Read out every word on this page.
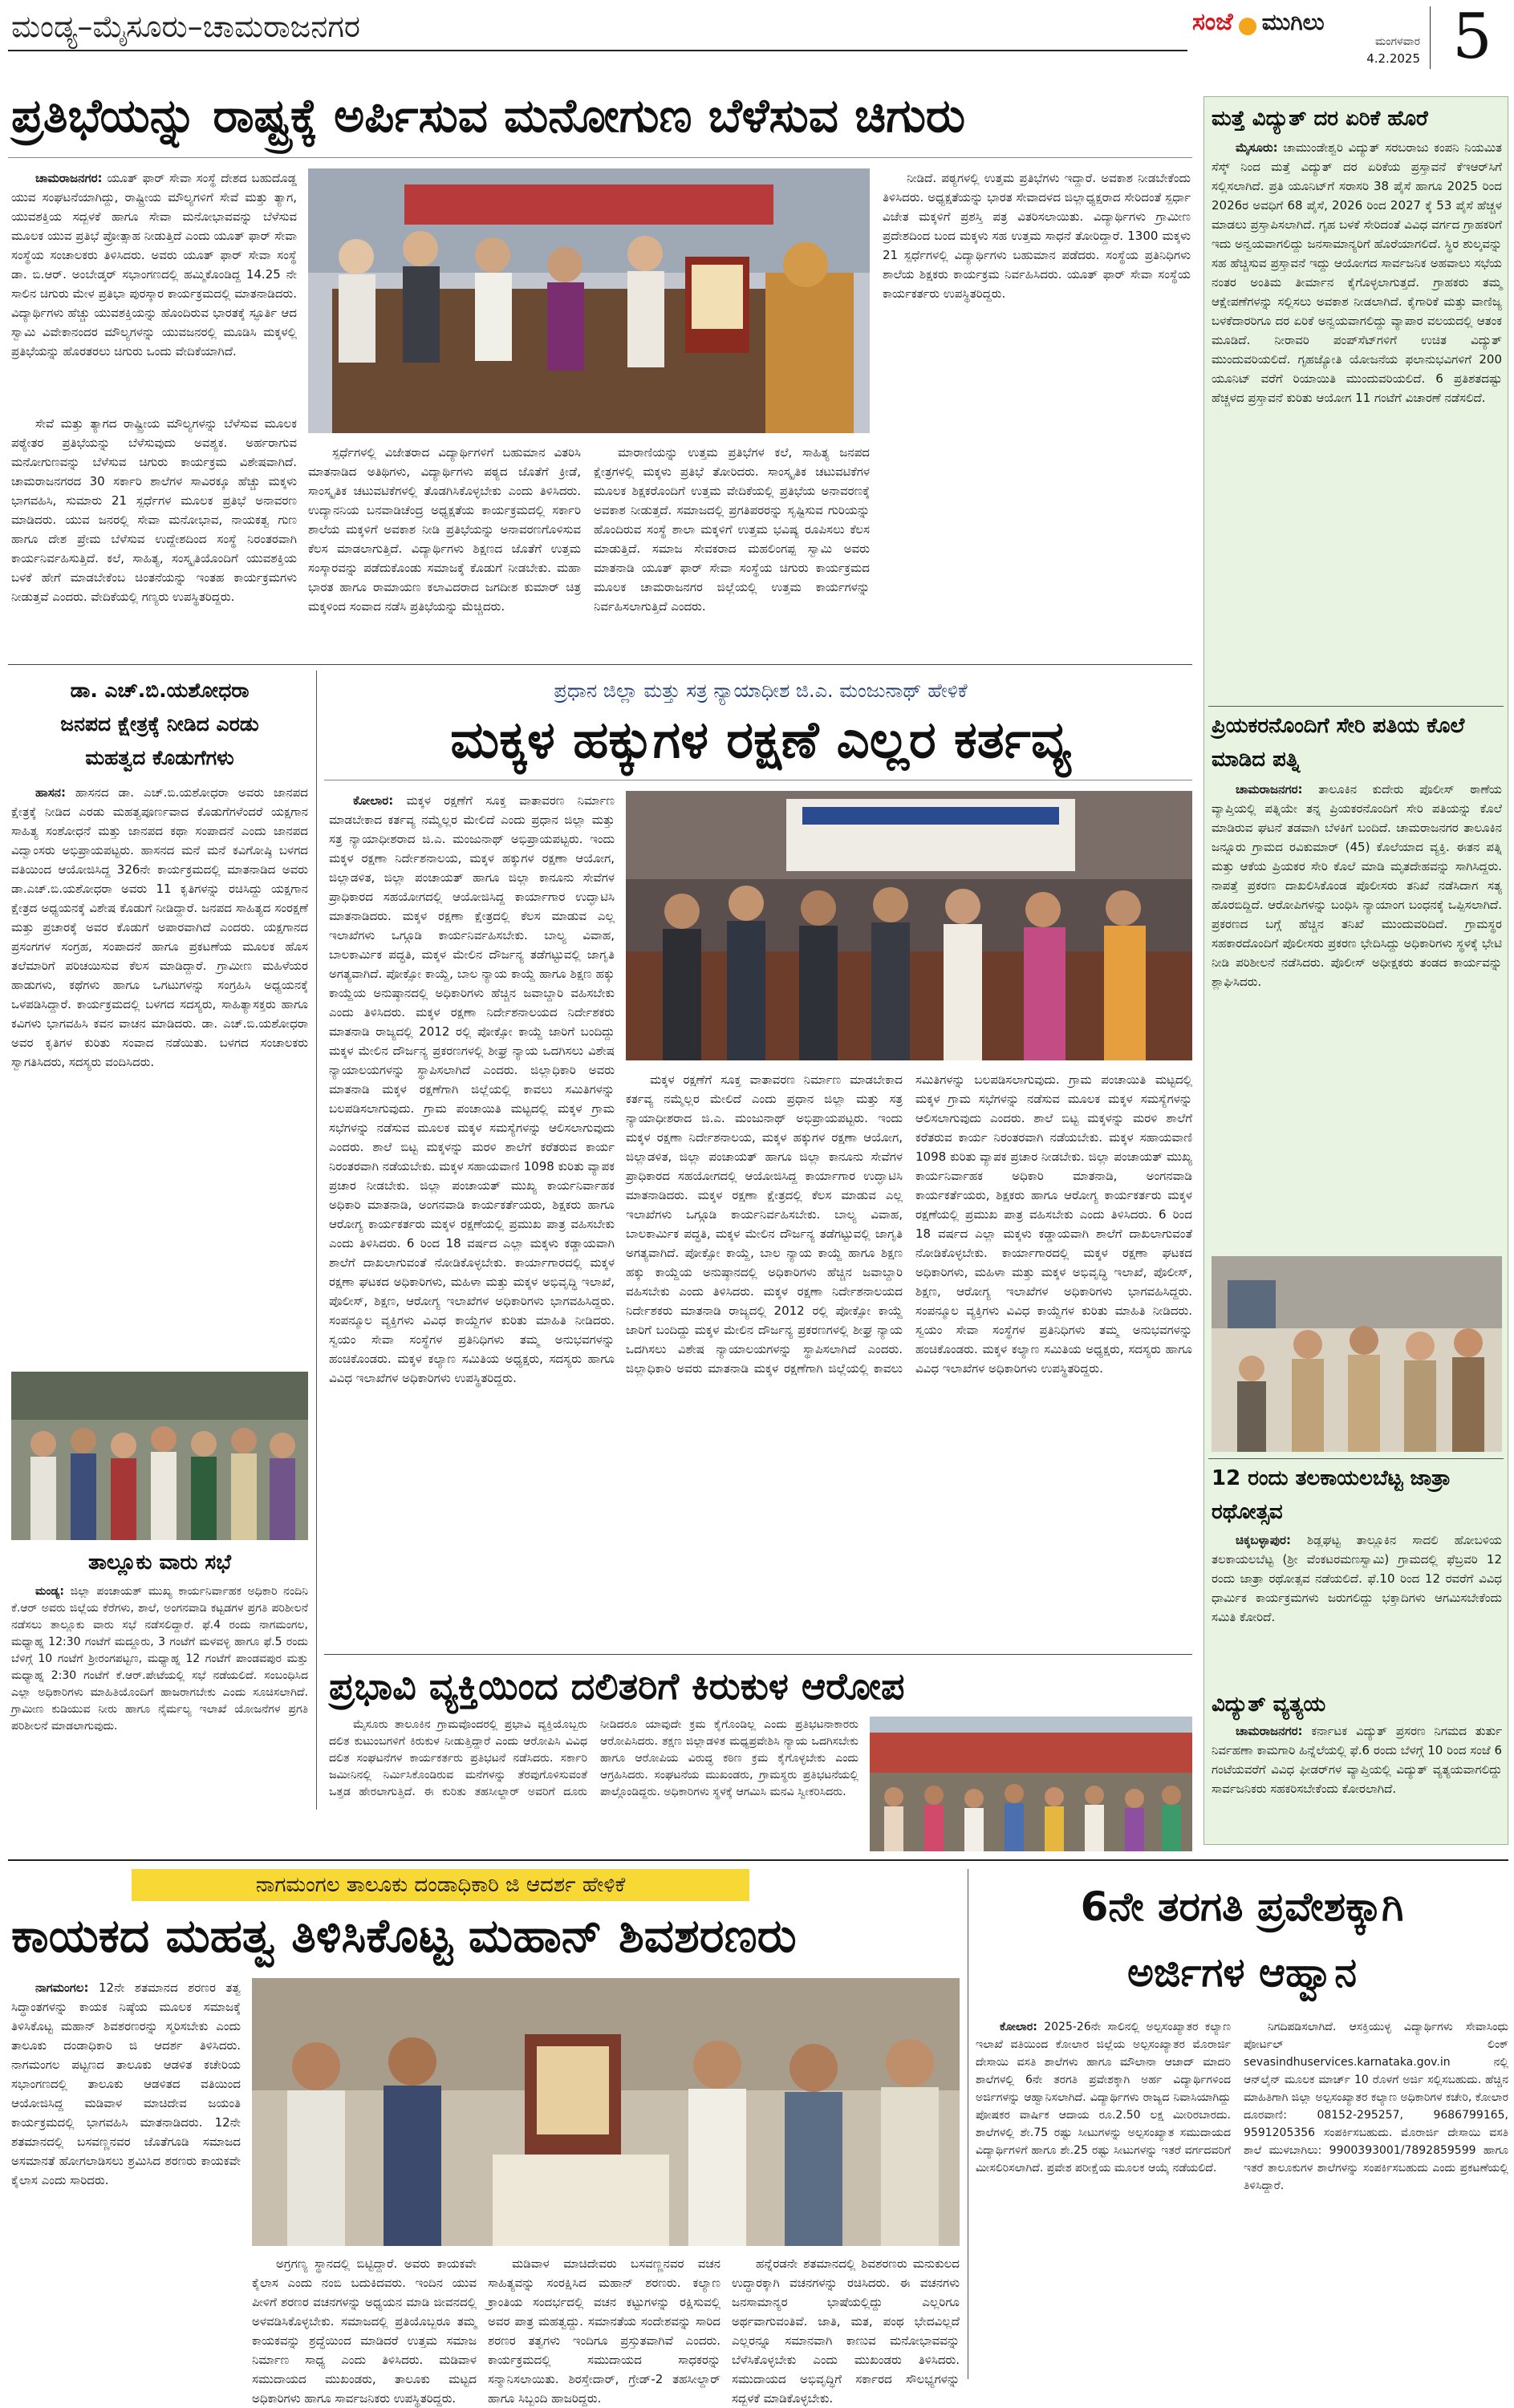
ಮಂಡ್ಯ–ಮೈಸೂರು–ಚಾಮರಾಜನಗರ	ಸಂಜೆ ಮುಗಿಲು
ಮಂಗಳವಾರ
4.2.2025 5
ಪ್ರತಿಭೆಯನ್ನು ರಾಷ್ಟ್ರಕ್ಕೆ ಅರ್ಪಿಸುವ ಮನೋಗುಣ ಬೆಳೆಸುವ ಚಿಗುರು

ಚಾಮರಾಜನಗರ: ಯೂತ್ ಫಾರ್ ಸೇವಾ ಸಂಸ್ಥೆ ದೇಶದ ಬಹುದೊಡ್ಡ ಯುವ ಸಂಘಟನೆಯಾಗಿದ್ದು, ರಾಷ್ಟ್ರೀಯ ಮೌಲ್ಯಗಳಿಗೆ ಸೇವೆ ಮತ್ತು ತ್ಯಾಗ, ಯುವಶಕ್ತಿಯ ಸದ್ಬಳಕೆ ಹಾಗೂ ಸೇವಾ ಮನೋಭಾವವನ್ನು ಬೆಳೆಸುವ ಮೂಲಕ ಯುವ ಪ್ರತಿಭೆ ಪ್ರೋತ್ಸಾಹ ನೀಡುತ್ತಿದೆ ಎಂದು ಯೂತ್ ಫಾರ್ ಸೇವಾ ಸಂಸ್ಥೆಯ ಸಂಚಾಲಕರು ತಿಳಿಸಿದರು. ಅವರು ಯೂತ್ ಫಾರ್ ಸೇವಾ ಸಂಸ್ಥೆ ಡಾ. ಬಿ.ಆರ್. ಅಂಬೇಡ್ಕರ್ ಸಭಾಂಗಣದಲ್ಲಿ ಹಮ್ಮಿಕೊಂಡಿದ್ದ 14.25 ನೇ ಸಾಲಿನ ಚಿಗುರು ಮೇಳ ಪ್ರತಿಭಾ ಪುರಸ್ಕಾರ ಕಾರ್ಯಕ್ರಮದಲ್ಲಿ ಮಾತನಾಡಿದರು. ವಿದ್ಯಾರ್ಥಿಗಳು ಹೆಚ್ಚು ಯುವಶಕ್ತಿಯನ್ನು ಹೊಂದಿರುವ ಭಾರತಕ್ಕೆ ಸ್ಫೂರ್ತಿ ಆದ ಸ್ವಾಮಿ ವಿವೇಕಾನಂದರ ಮೌಲ್ಯಗಳನ್ನು ಯುವಜನರಲ್ಲಿ ಮೂಡಿಸಿ ಮಕ್ಕಳಲ್ಲಿ ಪ್ರತಿಭೆಯನ್ನು ಹೊರತರಲು ಚಿಗುರು ಒಂದು ವೇದಿಕೆಯಾಗಿದೆ.

ಸ್ಪರ್ಧೆಗಳಲ್ಲಿ ವಿಜೇತರಾದ ವಿದ್ಯಾರ್ಥಿಗಳಿಗೆ ಬಹುಮಾನ ವಿತರಿಸಿ ಮಾತನಾಡಿದ ಅತಿಥಿಗಳು, ವಿದ್ಯಾರ್ಥಿಗಳು ಪಠ್ಯದ ಜೊತೆಗೆ ಕ್ರೀಡೆ, ಸಾಂಸ್ಕೃತಿಕ ಚಟುವಟಿಕೆಗಳಲ್ಲಿ ತೊಡಗಿಸಿಕೊಳ್ಳಬೇಕು ಎಂದು ತಿಳಿಸಿದರು. ಉದ್ಯಾನನಿಯ ಬನವಾಡಿಚೆಂದ್ರ ಅಧ್ಯಕ್ಷತೆಯ ಕಾರ್ಯಕ್ರಮದಲ್ಲಿ ಸರ್ಕಾರಿ ಶಾಲೆಯ ಮಕ್ಕಳಿಗೆ ಅವಕಾಶ ನೀಡಿ ಪ್ರತಿಭೆಯನ್ನು ಅನಾವರಣಗೊಳಿಸುವ ಕೆಲಸ ಮಾಡಲಾಗುತ್ತಿದೆ. ವಿದ್ಯಾರ್ಥಿಗಳು ಶಿಕ್ಷಣದ ಜೊತೆಗೆ ಉತ್ತಮ ಸಂಸ್ಕಾರವನ್ನು ಪಡೆದುಕೊಂಡು ಸಮಾಜಕ್ಕೆ ಕೊಡುಗೆ ನೀಡಬೇಕು. ಮಹಾ ಭಾರತ ಹಾಗೂ ರಾಮಾಯಣ ಕಲಾವಿದರಾದ ಜಗದೀಶ ಕುಮಾರ್ ಚಿತ್ರ ಮಕ್ಕಳಿಂದ ಸಂವಾದ ನಡೆಸಿ ಪ್ರತಿಭೆಯನ್ನು ಮೆಚ್ಚಿದರು.

ಮಾರಾಣಿಯನ್ನು ಉತ್ತಮ ಪ್ರತಿಭೆಗಳ ಕಲೆ, ಸಾಹಿತ್ಯ ಜನಪದ ಕ್ಷೇತ್ರಗಳಲ್ಲಿ ಮಕ್ಕಳು ಪ್ರತಿಭೆ ತೋರಿದರು. ಸಾಂಸ್ಕೃತಿಕ ಚಟುವಟಿಕೆಗಳ ಮೂಲಕ ಶಿಕ್ಷಕರೊಂದಿಗೆ ಉತ್ತಮ ವೇದಿಕೆಯಲ್ಲಿ ಪ್ರತಿಭೆಯ ಅನಾವರಣಕ್ಕೆ ಅವಕಾಶ ನೀಡುತ್ತದೆ. ಸಮಾಜದಲ್ಲಿ ಪ್ರಗತಿಪರರನ್ನು ಸೃಷ್ಟಿಸುವ ಗುರಿಯನ್ನು ಹೊಂದಿರುವ ಸಂಸ್ಥೆ ಶಾಲಾ ಮಕ್ಕಳಿಗೆ ಉತ್ತಮ ಭವಿಷ್ಯ ರೂಪಿಸಲು ಕೆಲಸ ಮಾಡುತ್ತಿದೆ. ಸಮಾಜ ಸೇವಕರಾದ ಮಹಲಿಂಗಪ್ಪ ಸ್ವಾಮಿ ಅವರು ಮಾತನಾಡಿ ಯೂತ್ ಫಾರ್ ಸೇವಾ ಸಂಸ್ಥೆಯ ಚಿಗುರು ಕಾರ್ಯಕ್ರಮದ ಮೂಲಕ ಚಾಮರಾಜನಗರ ಜಿಲ್ಲೆಯಲ್ಲಿ ಉತ್ತಮ ಕಾರ್ಯಗಳನ್ನು ನಿರ್ವಹಿಸಲಾಗುತ್ತಿದೆ ಎಂದರು.

ನೀಡಿದೆ. ಪಠ್ಯಗಳಲ್ಲಿ ಉತ್ತಮ ಪ್ರತಿಭೆಗಳು ಇದ್ದಾರೆ. ಅವಕಾಶ ನೀಡಬೇಕೆಂದು ತಿಳಿಸಿದರು. ಅಧ್ಯಕ್ಷತೆಯನ್ನು ಭಾರತ ಸೇವಾದಳದ ಜಿಲ್ಲಾಧ್ಯಕ್ಷರಾದ ಸೇರಿದಂತೆ ಸ್ಪರ್ಧಾ ವಿಜೇತ ಮಕ್ಕಳಿಗೆ ಪ್ರಶಸ್ತಿ ಪತ್ರ ವಿತರಿಸಲಾಯಿತು. ವಿದ್ಯಾರ್ಥಿಗಳು ಗ್ರಾಮೀಣ ಪ್ರದೇಶದಿಂದ ಬಂದ ಮಕ್ಕಳು ಸಹ ಉತ್ತಮ ಸಾಧನೆ ತೋರಿದ್ದಾರೆ. 1300 ಮಕ್ಕಳು 21 ಸ್ಪರ್ಧೆಗಳಲ್ಲಿ ವಿದ್ಯಾರ್ಥಿಗಳು ಬಹುಮಾನ ಪಡೆದರು. ಸಂಸ್ಥೆಯ ಪ್ರತಿನಿಧಿಗಳು ಶಾಲೆಯ ಶಿಕ್ಷಕರು ಕಾರ್ಯಕ್ರಮ ನಿರ್ವಹಿಸಿದರು. ಯೂತ್ ಫಾರ್ ಸೇವಾ ಸಂಸ್ಥೆಯ ಕಾರ್ಯಕರ್ತರು ಉಪಸ್ಥಿತರಿದ್ದರು.

ಮತ್ತೆ ವಿದ್ಯುತ್ ದರ ಏರಿಕೆ ಹೊರೆ

ಮೈಸೂರು: ಚಾಮುಂಡೇಶ್ವರಿ ವಿದ್ಯುತ್ ಸರಬರಾಜು ಕಂಪನಿ ನಿಯಮಿತ ಸೆಸ್ಕ್ ನಿಂದ ಮತ್ತೆ ವಿದ್ಯುತ್ ದರ ಏರಿಕೆಯ ಪ್ರಸ್ತಾವನೆ ಕೆಇಆರ್‌ಸಿಗೆ ಸಲ್ಲಿಸಲಾಗಿದೆ. ಪ್ರತಿ ಯೂನಿಟ್‌ಗೆ ಸರಾಸರಿ 38 ಪೈಸೆ ಹಾಗೂ 2025 ರಿಂದ 2026ರ ಅವಧಿಗೆ 68 ಪೈಸೆ, 2026 ರಿಂದ 2027 ಕ್ಕೆ 53 ಪೈಸೆ ಹೆಚ್ಚಳ ಮಾಡಲು ಪ್ರಸ್ತಾಪಿಸಲಾಗಿದೆ. ಗೃಹ ಬಳಕೆ ಸೇರಿದಂತೆ ವಿವಿಧ ವರ್ಗದ ಗ್ರಾಹಕರಿಗೆ ಇದು ಅನ್ವಯವಾಗಲಿದ್ದು ಜನಸಾಮಾನ್ಯರಿಗೆ ಹೊರೆಯಾಗಲಿದೆ. ಸ್ಥಿರ ಶುಲ್ಕವನ್ನು ಸಹ ಹೆಚ್ಚಿಸುವ ಪ್ರಸ್ತಾವನೆ ಇದ್ದು ಆಯೋಗದ ಸಾರ್ವಜನಿಕ ಅಹವಾಲು ಸಭೆಯ ನಂತರ ಅಂತಿಮ ತೀರ್ಮಾನ ಕೈಗೊಳ್ಳಲಾಗುತ್ತದೆ. ಗ್ರಾಹಕರು ತಮ್ಮ ಆಕ್ಷೇಪಣೆಗಳನ್ನು ಸಲ್ಲಿಸಲು ಅವಕಾಶ ನೀಡಲಾಗಿದೆ. ಕೈಗಾರಿಕೆ ಮತ್ತು ವಾಣಿಜ್ಯ ಬಳಕೆದಾರರಿಗೂ ದರ ಏರಿಕೆ ಅನ್ವಯವಾಗಲಿದ್ದು ವ್ಯಾಪಾರ ವಲಯದಲ್ಲಿ ಆತಂಕ ಮೂಡಿದೆ. ನೀರಾವರಿ ಪಂಪ್‌ಸೆಟ್‌ಗಳಿಗೆ ಉಚಿತ ವಿದ್ಯುತ್ ಮುಂದುವರಿಯಲಿದೆ. ಗೃಹಜ್ಯೋತಿ ಯೋಜನೆಯ ಫಲಾನುಭವಿಗಳಿಗೆ 200 ಯೂನಿಟ್ ವರೆಗೆ ರಿಯಾಯಿತಿ ಮುಂದುವರಿಯಲಿದೆ. 6 ಪ್ರತಿಶತದಷ್ಟು ಹೆಚ್ಚಳದ ಪ್ರಸ್ತಾವನೆ ಕುರಿತು ಆಯೋಗ 11 ಗಂಟೆಗೆ ವಿಚಾರಣೆ ನಡೆಸಲಿದೆ.

ಪ್ರಿಯಕರನೊಂದಿಗೆ ಸೇರಿ ಪತಿಯ ಕೊಲೆ ಮಾಡಿದ ಪತ್ನಿ

ಚಾಮರಾಜನಗರ: ತಾಲೂಕಿನ ಕುದೇರು ಪೊಲೀಸ್ ಠಾಣೆಯ ವ್ಯಾಪ್ತಿಯಲ್ಲಿ ಪತ್ನಿಯೇ ತನ್ನ ಪ್ರಿಯಕರನೊಂದಿಗೆ ಸೇರಿ ಪತಿಯನ್ನು ಕೊಲೆ ಮಾಡಿರುವ ಘಟನೆ ತಡವಾಗಿ ಬೆಳಕಿಗೆ ಬಂದಿದೆ. ಚಾಮರಾಜನಗರ ತಾಲೂಕಿನ ಜನ್ನೂರು ಗ್ರಾಮದ ರವಿಕುಮಾರ್ (45) ಕೊಲೆಯಾದ ವ್ಯಕ್ತಿ. ಈತನ ಪತ್ನಿ ಮತ್ತು ಆಕೆಯ ಪ್ರಿಯಕರ ಸೇರಿ ಕೊಲೆ ಮಾಡಿ ಮೃತದೇಹವನ್ನು ಸಾಗಿಸಿದ್ದರು. ನಾಪತ್ತೆ ಪ್ರಕರಣ ದಾಖಲಿಸಿಕೊಂಡ ಪೊಲೀಸರು ತನಿಖೆ ನಡೆಸಿದಾಗ ಸತ್ಯ ಹೊರಬಿದ್ದಿದೆ. ಆರೋಪಿಗಳನ್ನು ಬಂಧಿಸಿ ನ್ಯಾಯಾಂಗ ಬಂಧನಕ್ಕೆ ಒಪ್ಪಿಸಲಾಗಿದೆ. ಪ್ರಕರಣದ ಬಗ್ಗೆ ಹೆಚ್ಚಿನ ತನಿಖೆ ಮುಂದುವರಿದಿದೆ. ಗ್ರಾಮಸ್ಥರ ಸಹಕಾರದೊಂದಿಗೆ ಪೊಲೀಸರು ಪ್ರಕರಣ ಭೇದಿಸಿದ್ದು ಅಧಿಕಾರಿಗಳು ಸ್ಥಳಕ್ಕೆ ಭೇಟಿ ನೀಡಿ ಪರಿಶೀಲನೆ ನಡೆಸಿದರು. ಪೊಲೀಸ್ ಅಧೀಕ್ಷಕರು ತಂಡದ ಕಾರ್ಯವನ್ನು ಶ್ಲಾಘಿಸಿದರು.

12 ರಂದು ತಲಕಾಯಲಬೆಟ್ಟ ಜಾತ್ರಾ ರಥೋತ್ಸವ

ಚಿಕ್ಕಬಳ್ಳಾಪುರ: ಶಿಡ್ಲಘಟ್ಟ ತಾಲ್ಲೂಕಿನ ಸಾದಲಿ ಹೋಬಳಿಯ ತಲಕಾಯಲಬೆಟ್ಟ (ಶ್ರೀ ವೆಂಕಟರಮಣಸ್ವಾಮಿ) ಗ್ರಾಮದಲ್ಲಿ ಫೆಬ್ರವರಿ 12 ರಂದು ಜಾತ್ರಾ ರಥೋತ್ಸವ ನಡೆಯಲಿದೆ. ಫೆ.10 ರಿಂದ 12 ರವರೆಗೆ ವಿವಿಧ ಧಾರ್ಮಿಕ ಕಾರ್ಯಕ್ರಮಗಳು ಜರುಗಲಿದ್ದು ಭಕ್ತಾದಿಗಳು ಆಗಮಿಸಬೇಕೆಂದು ಸಮಿತಿ ಕೋರಿದೆ.

ವಿದ್ಯುತ್ ವ್ಯತ್ಯಯ

ಚಾಮರಾಜನಗರ: ಕರ್ನಾಟಕ ವಿದ್ಯುತ್ ಪ್ರಸರಣ ನಿಗಮದ ತುರ್ತು ನಿರ್ವಹಣಾ ಕಾಮಗಾರಿ ಹಿನ್ನೆಲೆಯಲ್ಲಿ ಫೆ.6 ರಂದು ಬೆಳಗ್ಗೆ 10 ರಿಂದ ಸಂಜೆ 6 ಗಂಟೆಯವರೆಗೆ ವಿವಿಧ ಫೀಡರ್‌ಗಳ ವ್ಯಾಪ್ತಿಯಲ್ಲಿ ವಿದ್ಯುತ್ ವ್ಯತ್ಯಯವಾಗಲಿದ್ದು ಸಾರ್ವಜನಿಕರು ಸಹಕರಿಸಬೇಕೆಂದು ಕೋರಲಾಗಿದೆ.

ಡಾ. ಎಚ್.ಬಿ.ಯಶೋಧರಾ
ಜನಪದ ಕ್ಷೇತ್ರಕ್ಕೆ ನೀಡಿದ ಎರಡು
ಮಹತ್ವದ ಕೊಡುಗೆಗಳು

ಹಾಸನ: ಹಾಸನದ ಡಾ. ಎಚ್.ಬಿ.ಯಶೋಧರಾ ಅವರು ಜಾನಪದ ಕ್ಷೇತ್ರಕ್ಕೆ ನೀಡಿದ ಎರಡು ಮಹತ್ವಪೂರ್ಣವಾದ ಕೊಡುಗೆಗಳೆಂದರೆ ಯಕ್ಷಗಾನ ಸಾಹಿತ್ಯ ಸಂಶೋಧನೆ ಮತ್ತು ಜಾನಪದ ಕಥಾ ಸಂಪಾದನೆ ಎಂದು ಜಾನಪದ ವಿದ್ವಾಂಸರು ಅಭಿಪ್ರಾಯಪಟ್ಟರು. ಹಾಸನದ ಮನೆ ಮನೆ ಕವಿಗೋಷ್ಠಿ ಬಳಗದ ವತಿಯಿಂದ ಆಯೋಜಿಸಿದ್ದ 326ನೇ ಕಾರ್ಯಕ್ರಮದಲ್ಲಿ ಮಾತನಾಡಿದ ಅವರು ಡಾ.ಎಚ್.ಬಿ.ಯಶೋಧರಾ ಅವರು 11 ಕೃತಿಗಳನ್ನು ರಚಿಸಿದ್ದು ಯಕ್ಷಗಾನ ಕ್ಷೇತ್ರದ ಅಧ್ಯಯನಕ್ಕೆ ವಿಶೇಷ ಕೊಡುಗೆ ನೀಡಿದ್ದಾರೆ. ಜನಪದ ಸಾಹಿತ್ಯದ ಸಂರಕ್ಷಣೆ ಮತ್ತು ಪ್ರಚಾರಕ್ಕೆ ಅವರ ಕೊಡುಗೆ ಅಪಾರವಾಗಿದೆ ಎಂದರು. ಯಕ್ಷಗಾನದ ಪ್ರಸಂಗಗಳ ಸಂಗ್ರಹ, ಸಂಪಾದನೆ ಹಾಗೂ ಪ್ರಕಟಣೆಯ ಮೂಲಕ ಹೊಸ ತಲೆಮಾರಿಗೆ ಪರಿಚಯಿಸುವ ಕೆಲಸ ಮಾಡಿದ್ದಾರೆ. ಗ್ರಾಮೀಣ ಮಹಿಳೆಯರ ಹಾಡುಗಳು, ಕಥೆಗಳು ಹಾಗೂ ಒಗಟುಗಳನ್ನು ಸಂಗ್ರಹಿಸಿ ಅಧ್ಯಯನಕ್ಕೆ ಒಳಪಡಿಸಿದ್ದಾರೆ. ಕಾರ್ಯಕ್ರಮದಲ್ಲಿ ಬಳಗದ ಸದಸ್ಯರು, ಸಾಹಿತ್ಯಾಸಕ್ತರು ಹಾಗೂ ಕವಿಗಳು ಭಾಗವಹಿಸಿ ಕವನ ವಾಚನ ಮಾಡಿದರು. ಡಾ. ಎಚ್.ಬಿ.ಯಶೋಧರಾ ಅವರ ಕೃತಿಗಳ ಕುರಿತು ಸಂವಾದ ನಡೆಯಿತು. ಬಳಗದ ಸಂಚಾಲಕರು ಸ್ವಾಗತಿಸಿದರು, ಸದಸ್ಯರು ವಂದಿಸಿದರು.

ತಾಲ್ಲೂಕು ವಾರು ಸಭೆ
ಪ್ರಧಾನ ಜಿಲ್ಲಾ ಮತ್ತು ಸತ್ರ ನ್ಯಾಯಾಧೀಶ ಜಿ.ಎ. ಮಂಜುನಾಥ್ ಹೇಳಿಕೆ
ಮಕ್ಕಳ ಹಕ್ಕುಗಳ ರಕ್ಷಣೆ ಎಲ್ಲರ ಕರ್ತವ್ಯ

ಕೋಲಾರ: ಮಕ್ಕಳ ರಕ್ಷಣೆಗೆ ಸೂಕ್ತ ವಾತಾವರಣ ನಿರ್ಮಾಣ ಮಾಡಬೇಕಾದ ಕರ್ತವ್ಯ ನಮ್ಮೆಲ್ಲರ ಮೇಲಿದೆ ಎಂದು ಪ್ರಧಾನ ಜಿಲ್ಲಾ ಮತ್ತು ಸತ್ರ ನ್ಯಾಯಾಧೀಶರಾದ ಜಿ.ಎ. ಮಂಜುನಾಥ್ ಅಭಿಪ್ರಾಯಪಟ್ಟರು. ಇಂದು ಮಕ್ಕಳ ರಕ್ಷಣಾ ನಿರ್ದೇಶನಾಲಯ, ಮಕ್ಕಳ ಹಕ್ಕುಗಳ ರಕ್ಷಣಾ ಆಯೋಗ, ಜಿಲ್ಲಾಡಳಿತ, ಜಿಲ್ಲಾ ಪಂಚಾಯತ್ ಹಾಗೂ ಜಿಲ್ಲಾ ಕಾನೂನು ಸೇವೆಗಳ ಪ್ರಾಧಿಕಾರದ ಸಹಯೋಗದಲ್ಲಿ ಆಯೋಜಿಸಿದ್ದ ಕಾರ್ಯಾಗಾರ ಉದ್ಘಾಟಿಸಿ ಮಾತನಾಡಿದರು. ಮಕ್ಕಳ ರಕ್ಷಣಾ ಕ್ಷೇತ್ರದಲ್ಲಿ ಕೆಲಸ ಮಾಡುವ ಎಲ್ಲ ಇಲಾಖೆಗಳು ಒಗ್ಗೂಡಿ ಕಾರ್ಯನಿರ್ವಹಿಸಬೇಕು. ಬಾಲ್ಯ ವಿವಾಹ, ಬಾಲಕಾರ್ಮಿಕ ಪದ್ಧತಿ, ಮಕ್ಕಳ ಮೇಲಿನ ದೌರ್ಜನ್ಯ ತಡೆಗಟ್ಟುವಲ್ಲಿ ಜಾಗೃತಿ ಅಗತ್ಯವಾಗಿದೆ. ಪೋಕ್ಸೋ ಕಾಯ್ದೆ, ಬಾಲ ನ್ಯಾಯ ಕಾಯ್ದೆ ಹಾಗೂ ಶಿಕ್ಷಣ ಹಕ್ಕು ಕಾಯ್ದೆಯ ಅನುಷ್ಠಾನದಲ್ಲಿ ಅಧಿಕಾರಿಗಳು ಹೆಚ್ಚಿನ ಜವಾಬ್ದಾರಿ ವಹಿಸಬೇಕು ಎಂದು ತಿಳಿಸಿದರು. ಮಕ್ಕಳ ರಕ್ಷಣಾ ನಿರ್ದೇಶನಾಲಯದ ನಿರ್ದೇಶಕರು ಮಾತನಾಡಿ ರಾಜ್ಯದಲ್ಲಿ 2012 ರಲ್ಲಿ ಪೋಕ್ಸೋ ಕಾಯ್ದೆ ಜಾರಿಗೆ ಬಂದಿದ್ದು ಮಕ್ಕಳ ಮೇಲಿನ ದೌರ್ಜನ್ಯ ಪ್ರಕರಣಗಳಲ್ಲಿ ಶೀಘ್ರ ನ್ಯಾಯ ಒದಗಿಸಲು ವಿಶೇಷ ನ್ಯಾಯಾಲಯಗಳನ್ನು ಸ್ಥಾಪಿಸಲಾಗಿದೆ ಎಂದರು. ಜಿಲ್ಲಾಧಿಕಾರಿ ಅವರು ಮಾತನಾಡಿ ಮಕ್ಕಳ ರಕ್ಷಣೆಗಾಗಿ ಜಿಲ್ಲೆಯಲ್ಲಿ ಕಾವಲು ಸಮಿತಿಗಳನ್ನು ಬಲಪಡಿಸಲಾಗುವುದು. ಗ್ರಾಮ ಪಂಚಾಯಿತಿ ಮಟ್ಟದಲ್ಲಿ ಮಕ್ಕಳ ಗ್ರಾಮ ಸಭೆಗಳನ್ನು ನಡೆಸುವ ಮೂಲಕ ಮಕ್ಕಳ ಸಮಸ್ಯೆಗಳನ್ನು ಆಲಿಸಲಾಗುವುದು ಎಂದರು. ಶಾಲೆ ಬಿಟ್ಟ ಮಕ್ಕಳನ್ನು ಮರಳಿ ಶಾಲೆಗೆ ಕರೆತರುವ ಕಾರ್ಯ ನಿರಂತರವಾಗಿ ನಡೆಯಬೇಕು. ಮಕ್ಕಳ ಸಹಾಯವಾಣಿ 1098 ಕುರಿತು ವ್ಯಾಪಕ ಪ್ರಚಾರ ನೀಡಬೇಕು. ಜಿಲ್ಲಾ ಪಂಚಾಯತ್ ಮುಖ್ಯ ಕಾರ್ಯನಿರ್ವಾಹಕ ಅಧಿಕಾರಿ ಮಾತನಾಡಿ, ಅಂಗನವಾಡಿ ಕಾರ್ಯಕರ್ತೆಯರು, ಶಿಕ್ಷಕರು ಹಾಗೂ ಆರೋಗ್ಯ ಕಾರ್ಯಕರ್ತರು ಮಕ್ಕಳ ರಕ್ಷಣೆಯಲ್ಲಿ ಪ್ರಮುಖ ಪಾತ್ರ ವಹಿಸಬೇಕು ಎಂದು ತಿಳಿಸಿದರು. 6 ರಿಂದ 18 ವರ್ಷದ ಎಲ್ಲಾ ಮಕ್ಕಳು ಕಡ್ಡಾಯವಾಗಿ ಶಾಲೆಗೆ ದಾಖಲಾಗುವಂತೆ ನೋಡಿಕೊಳ್ಳಬೇಕು. ಕಾರ್ಯಾಗಾರದಲ್ಲಿ ಮಕ್ಕಳ ರಕ್ಷಣಾ ಘಟಕದ ಅಧಿಕಾರಿಗಳು, ಮಹಿಳಾ ಮತ್ತು ಮಕ್ಕಳ ಅಭಿವೃದ್ಧಿ ಇಲಾಖೆ, ಪೊಲೀಸ್, ಶಿಕ್ಷಣ, ಆರೋಗ್ಯ ಇಲಾಖೆಗಳ ಅಧಿಕಾರಿಗಳು ಭಾಗವಹಿಸಿದ್ದರು. ಸಂಪನ್ಮೂಲ ವ್ಯಕ್ತಿಗಳು ವಿವಿಧ ಕಾಯ್ದೆಗಳ ಕುರಿತು ಮಾಹಿತಿ ನೀಡಿದರು. ಸ್ವಯಂ ಸೇವಾ ಸಂಸ್ಥೆಗಳ ಪ್ರತಿನಿಧಿಗಳು ತಮ್ಮ ಅನುಭವಗಳನ್ನು ಹಂಚಿಕೊಂಡರು. ಮಕ್ಕಳ ಕಲ್ಯಾಣ ಸಮಿತಿಯ ಅಧ್ಯಕ್ಷರು, ಸದಸ್ಯರು ಹಾಗೂ ವಿವಿಧ ಇಲಾಖೆಗಳ ಅಧಿಕಾರಿಗಳು ಉಪಸ್ಥಿತರಿದ್ದರು.

ಮಕ್ಕಳ ರಕ್ಷಣೆಗೆ ಸೂಕ್ತ ವಾತಾವರಣ ನಿರ್ಮಾಣ ಮಾಡಬೇಕಾದ ಕರ್ತವ್ಯ ನಮ್ಮೆಲ್ಲರ ಮೇಲಿದೆ ಎಂದು ಪ್ರಧಾನ ಜಿಲ್ಲಾ ಮತ್ತು ಸತ್ರ ನ್ಯಾಯಾಧೀಶರಾದ ಜಿ.ಎ. ಮಂಜುನಾಥ್ ಅಭಿಪ್ರಾಯಪಟ್ಟರು. ಇಂದು ಮಕ್ಕಳ ರಕ್ಷಣಾ ನಿರ್ದೇಶನಾಲಯ, ಮಕ್ಕಳ ಹಕ್ಕುಗಳ ರಕ್ಷಣಾ ಆಯೋಗ, ಜಿಲ್ಲಾಡಳಿತ, ಜಿಲ್ಲಾ ಪಂಚಾಯತ್ ಹಾಗೂ ಜಿಲ್ಲಾ ಕಾನೂನು ಸೇವೆಗಳ ಪ್ರಾಧಿಕಾರದ ಸಹಯೋಗದಲ್ಲಿ ಆಯೋಜಿಸಿದ್ದ ಕಾರ್ಯಾಗಾರ ಉದ್ಘಾಟಿಸಿ ಮಾತನಾಡಿದರು. ಮಕ್ಕಳ ರಕ್ಷಣಾ ಕ್ಷೇತ್ರದಲ್ಲಿ ಕೆಲಸ ಮಾಡುವ ಎಲ್ಲ ಇಲಾಖೆಗಳು ಒಗ್ಗೂಡಿ ಕಾರ್ಯನಿರ್ವಹಿಸಬೇಕು. ಬಾಲ್ಯ ವಿವಾಹ, ಬಾಲಕಾರ್ಮಿಕ ಪದ್ಧತಿ, ಮಕ್ಕಳ ಮೇಲಿನ ದೌರ್ಜನ್ಯ ತಡೆಗಟ್ಟುವಲ್ಲಿ ಜಾಗೃತಿ ಅಗತ್ಯವಾಗಿದೆ. ಪೋಕ್ಸೋ ಕಾಯ್ದೆ, ಬಾಲ ನ್ಯಾಯ ಕಾಯ್ದೆ ಹಾಗೂ ಶಿಕ್ಷಣ ಹಕ್ಕು ಕಾಯ್ದೆಯ ಅನುಷ್ಠಾನದಲ್ಲಿ ಅಧಿಕಾರಿಗಳು ಹೆಚ್ಚಿನ ಜವಾಬ್ದಾರಿ ವಹಿಸಬೇಕು ಎಂದು ತಿಳಿಸಿದರು. ಮಕ್ಕಳ ರಕ್ಷಣಾ ನಿರ್ದೇಶನಾಲಯದ ನಿರ್ದೇಶಕರು ಮಾತನಾಡಿ ರಾಜ್ಯದಲ್ಲಿ 2012 ರಲ್ಲಿ ಪೋಕ್ಸೋ ಕಾಯ್ದೆ ಜಾರಿಗೆ ಬಂದಿದ್ದು ಮಕ್ಕಳ ಮೇಲಿನ ದೌರ್ಜನ್ಯ ಪ್ರಕರಣಗಳಲ್ಲಿ ಶೀಘ್ರ ನ್ಯಾಯ ಒದಗಿಸಲು ವಿಶೇಷ ನ್ಯಾಯಾಲಯಗಳನ್ನು ಸ್ಥಾಪಿಸಲಾಗಿದೆ ಎಂದರು. ಜಿಲ್ಲಾಧಿಕಾರಿ ಅವರು ಮಾತನಾಡಿ ಮಕ್ಕಳ ರಕ್ಷಣೆಗಾಗಿ ಜಿಲ್ಲೆಯಲ್ಲಿ ಕಾವಲು ಸಮಿತಿಗಳನ್ನು ಬಲಪಡಿಸಲಾಗುವುದು. ಗ್ರಾಮ ಪಂಚಾಯಿತಿ ಮಟ್ಟದಲ್ಲಿ ಮಕ್ಕಳ ಗ್ರಾಮ ಸಭೆಗಳನ್ನು ನಡೆಸುವ ಮೂಲಕ ಮಕ್ಕಳ ಸಮಸ್ಯೆಗಳನ್ನು ಆಲಿಸಲಾಗುವುದು ಎಂದರು. ಶಾಲೆ ಬಿಟ್ಟ ಮಕ್ಕಳನ್ನು ಮರಳಿ ಶಾಲೆಗೆ ಕರೆತರುವ ಕಾರ್ಯ ನಿರಂತರವಾಗಿ ನಡೆಯಬೇಕು. ಮಕ್ಕಳ ಸಹಾಯವಾಣಿ 1098 ಕುರಿತು ವ್ಯಾಪಕ ಪ್ರಚಾರ ನೀಡಬೇಕು. ಜಿಲ್ಲಾ ಪಂಚಾಯತ್ ಮುಖ್ಯ ಕಾರ್ಯನಿರ್ವಾಹಕ ಅಧಿಕಾರಿ ಮಾತನಾಡಿ, ಅಂಗನವಾಡಿ ಕಾರ್ಯಕರ್ತೆಯರು, ಶಿಕ್ಷಕರು ಹಾಗೂ ಆರೋಗ್ಯ ಕಾರ್ಯಕರ್ತರು ಮಕ್ಕಳ ರಕ್ಷಣೆಯಲ್ಲಿ ಪ್ರಮುಖ ಪಾತ್ರ ವಹಿಸಬೇಕು ಎಂದು ತಿಳಿಸಿದರು. 6 ರಿಂದ 18 ವರ್ಷದ ಎಲ್ಲಾ ಮಕ್ಕಳು ಕಡ್ಡಾಯವಾಗಿ ಶಾಲೆಗೆ ದಾಖಲಾಗುವಂತೆ ನೋಡಿಕೊಳ್ಳಬೇಕು. ಕಾರ್ಯಾಗಾರದಲ್ಲಿ ಮಕ್ಕಳ ರಕ್ಷಣಾ ಘಟಕದ ಅಧಿಕಾರಿಗಳು, ಮಹಿಳಾ ಮತ್ತು ಮಕ್ಕಳ ಅಭಿವೃದ್ಧಿ ಇಲಾಖೆ, ಪೊಲೀಸ್, ಶಿಕ್ಷಣ, ಆರೋಗ್ಯ ಇಲಾಖೆಗಳ ಅಧಿಕಾರಿಗಳು ಭಾಗವಹಿಸಿದ್ದರು. ಸಂಪನ್ಮೂಲ ವ್ಯಕ್ತಿಗಳು ವಿವಿಧ ಕಾಯ್ದೆಗಳ ಕುರಿತು ಮಾಹಿತಿ ನೀಡಿದರು. ಸ್ವಯಂ ಸೇವಾ ಸಂಸ್ಥೆಗಳ ಪ್ರತಿನಿಧಿಗಳು ತಮ್ಮ ಅನುಭವಗಳನ್ನು ಹಂಚಿಕೊಂಡರು. ಮಕ್ಕಳ ಕಲ್ಯಾಣ ಸಮಿತಿಯ ಅಧ್ಯಕ್ಷರು, ಸದಸ್ಯರು ಹಾಗೂ ವಿವಿಧ ಇಲಾಖೆಗಳ ಅಧಿಕಾರಿಗಳು ಉಪಸ್ಥಿತರಿದ್ದರು.

ಪ್ರಭಾವಿ ವ್ಯಕ್ತಿಯಿಂದ ದಲಿತರಿಗೆ ಕಿರುಕುಳ ಆರೋಪ

ಮೈಸೂರು ತಾಲೂಕಿನ ಗ್ರಾಮವೊಂದರಲ್ಲಿ ಪ್ರಭಾವಿ ವ್ಯಕ್ತಿಯೊಬ್ಬರು ದಲಿತ ಕುಟುಂಬಗಳಿಗೆ ಕಿರುಕುಳ ನೀಡುತ್ತಿದ್ದಾರೆ ಎಂದು ಆರೋಪಿಸಿ ವಿವಿಧ ದಲಿತ ಸಂಘಟನೆಗಳ ಕಾರ್ಯಕರ್ತರು ಪ್ರತಿಭಟನೆ ನಡೆಸಿದರು. ಸರ್ಕಾರಿ ಜಮೀನಿನಲ್ಲಿ ನಿರ್ಮಿಸಿಕೊಂಡಿರುವ ಮನೆಗಳನ್ನು ತೆರವುಗೊಳಿಸುವಂತೆ ಒತ್ತಡ ಹೇರಲಾಗುತ್ತಿದೆ. ಈ ಕುರಿತು ತಹಸೀಲ್ದಾರ್ ಅವರಿಗೆ ದೂರು ನೀಡಿದರೂ ಯಾವುದೇ ಕ್ರಮ ಕೈಗೊಂಡಿಲ್ಲ ಎಂದು ಪ್ರತಿಭಟನಾಕಾರರು ಆರೋಪಿಸಿದರು. ತಕ್ಷಣ ಜಿಲ್ಲಾಡಳಿತ ಮಧ್ಯಪ್ರವೇಶಿಸಿ ನ್ಯಾಯ ಒದಗಿಸಬೇಕು ಹಾಗೂ ಆರೋಪಿಯ ವಿರುದ್ಧ ಕಠಿಣ ಕ್ರಮ ಕೈಗೊಳ್ಳಬೇಕು ಎಂದು ಆಗ್ರಹಿಸಿದರು. ಸಂಘಟನೆಯ ಮುಖಂಡರು, ಗ್ರಾಮಸ್ಥರು ಪ್ರತಿಭಟನೆಯಲ್ಲಿ ಪಾಲ್ಗೊಂಡಿದ್ದರು. ಅಧಿಕಾರಿಗಳು ಸ್ಥಳಕ್ಕೆ ಆಗಮಿಸಿ ಮನವಿ ಸ್ವೀಕರಿಸಿದರು.

ಮಂಡ್ಯ: ಜಿಲ್ಲಾ ಪಂಚಾಯತ್ ಮುಖ್ಯ ಕಾರ್ಯನಿರ್ವಾಹಕ ಅಧಿಕಾರಿ ನಂದಿನಿ ಕೆ.ಆರ್ ಅವರು ಜಿಲ್ಲೆಯ ಕೆರೆಗಳು, ಶಾಲೆ, ಅಂಗನವಾಡಿ ಕಟ್ಟಡಗಳ ಪ್ರಗತಿ ಪರಿಶೀಲನೆ ನಡೆಸಲು ತಾಲ್ಲೂಕು ವಾರು ಸಭೆ ನಡೆಸಲಿದ್ದಾರೆ. ಫೆ.4 ರಂದು ನಾಗಮಂಗಲ, ಮಧ್ಯಾಹ್ನ 12:30 ಗಂಟೆಗೆ ಮದ್ದೂರು, 3 ಗಂಟೆಗೆ ಮಳವಳ್ಳಿ ಹಾಗೂ ಫೆ.5 ರಂದು ಬೆಳಿಗ್ಗೆ 10 ಗಂಟೆಗೆ ಶ್ರೀರಂಗಪಟ್ಟಣ, ಮಧ್ಯಾಹ್ನ 12 ಗಂಟೆಗೆ ಪಾಂಡವಪುರ ಮತ್ತು ಮಧ್ಯಾಹ್ನ 2:30 ಗಂಟೆಗೆ ಕೆ.ಆರ್.ಪೇಟೆಯಲ್ಲಿ ಸಭೆ ನಡೆಯಲಿದೆ. ಸಂಬಂಧಿಸಿದ ಎಲ್ಲಾ ಅಧಿಕಾರಿಗಳು ಮಾಹಿತಿಯೊಂದಿಗೆ ಹಾಜರಾಗಬೇಕು ಎಂದು ಸೂಚಿಸಲಾಗಿದೆ. ಗ್ರಾಮೀಣ ಕುಡಿಯುವ ನೀರು ಹಾಗೂ ನೈರ್ಮಲ್ಯ ಇಲಾಖೆ ಯೋಜನೆಗಳ ಪ್ರಗತಿ ಪರಿಶೀಲನೆ ಮಾಡಲಾಗುವುದು.

ನಾಗಮಂಗಲ ತಾಲೂಕು ದಂಡಾಧಿಕಾರಿ ಜಿ ಆದರ್ಶ ಹೇಳಿಕೆ
ಕಾಯಕದ ಮಹತ್ವ ತಿಳಿಸಿಕೊಟ್ಟ ಮಹಾನ್ ಶಿವಶರಣರು

ನಾಗಮಂಗಲ: 12ನೇ ಶತಮಾನದ ಶರಣರ ತತ್ವ ಸಿದ್ಧಾಂತಗಳನ್ನು ಕಾಯಕ ನಿಷ್ಠೆಯ ಮೂಲಕ ಸಮಾಜಕ್ಕೆ ತಿಳಿಸಿಕೊಟ್ಟ ಮಹಾನ್ ಶಿವಶರಣರನ್ನು ಸ್ಮರಿಸಬೇಕು ಎಂದು ತಾಲೂಕು ದಂಡಾಧಿಕಾರಿ ಜಿ ಆದರ್ಶ ತಿಳಿಸಿದರು. ನಾಗಮಂಗಲ ಪಟ್ಟಣದ ತಾಲೂಕು ಆಡಳಿತ ಕಚೇರಿಯ ಸಭಾಂಗಣದಲ್ಲಿ ತಾಲೂಕು ಆಡಳಿತದ ವತಿಯಿಂದ ಆಯೋಜಿಸಿದ್ದ ಮಡಿವಾಳ ಮಾಚಿದೇವ ಜಯಂತಿ ಕಾರ್ಯಕ್ರಮದಲ್ಲಿ ಭಾಗವಹಿಸಿ ಮಾತನಾಡಿದರು. 12ನೇ ಶತಮಾನದಲ್ಲಿ ಬಸವಣ್ಣನವರ ಜೊತೆಗೂಡಿ ಸಮಾಜದ ಅಸಮಾನತೆ ಹೋಗಲಾಡಿಸಲು ಶ್ರಮಿಸಿದ ಶರಣರು ಕಾಯಕವೇ ಕೈಲಾಸ ಎಂದು ಸಾರಿದರು.

ಅಗ್ರಗಣ್ಯ ಸ್ಥಾನದಲ್ಲಿ ಬಿಟ್ಟಿದ್ದಾರೆ. ಅವರು ಕಾಯಕವೇ ಕೈಲಾಸ ಎಂದು ನಂಬಿ ಬದುಕಿದವರು. ಇಂದಿನ ಯುವ ಪೀಳಿಗೆ ಶರಣರ ವಚನಗಳನ್ನು ಅಧ್ಯಯನ ಮಾಡಿ ಜೀವನದಲ್ಲಿ ಅಳವಡಿಸಿಕೊಳ್ಳಬೇಕು. ಸಮಾಜದಲ್ಲಿ ಪ್ರತಿಯೊಬ್ಬರೂ ತಮ್ಮ ಕಾಯಕವನ್ನು ಶ್ರದ್ಧೆಯಿಂದ ಮಾಡಿದರೆ ಉತ್ತಮ ಸಮಾಜ ನಿರ್ಮಾಣ ಸಾಧ್ಯ ಎಂದು ತಿಳಿಸಿದರು. ಮಡಿವಾಳ ಸಮುದಾಯದ ಮುಖಂಡರು, ತಾಲೂಕು ಮಟ್ಟದ ಅಧಿಕಾರಿಗಳು ಹಾಗೂ ಸಾರ್ವಜನಿಕರು ಉಪಸ್ಥಿತರಿದ್ದರು.

ಮಡಿವಾಳ ಮಾಚಿದೇವರು ಬಸವಣ್ಣನವರ ವಚನ ಸಾಹಿತ್ಯವನ್ನು ಸಂರಕ್ಷಿಸಿದ ಮಹಾನ್ ಶರಣರು. ಕಲ್ಯಾಣ ಕ್ರಾಂತಿಯ ಸಂದರ್ಭದಲ್ಲಿ ವಚನ ಕಟ್ಟುಗಳನ್ನು ರಕ್ಷಿಸುವಲ್ಲಿ ಅವರ ಪಾತ್ರ ಮಹತ್ವದ್ದು. ಸಮಾನತೆಯ ಸಂದೇಶವನ್ನು ಸಾರಿದ ಶರಣರ ತತ್ವಗಳು ಇಂದಿಗೂ ಪ್ರಸ್ತುತವಾಗಿವೆ ಎಂದರು. ಕಾರ್ಯಕ್ರಮದಲ್ಲಿ ಸಮುದಾಯದ ಸಾಧಕರನ್ನು ಸನ್ಮಾನಿಸಲಾಯಿತು. ಶಿರಸ್ತೇದಾರ್, ಗ್ರೇಡ್-2 ತಹಸೀಲ್ದಾರ್ ಹಾಗೂ ಸಿಬ್ಬಂದಿ ಹಾಜರಿದ್ದರು.

ಹನ್ನೆರಡನೇ ಶತಮಾನದಲ್ಲಿ ಶಿವಶರಣರು ಮನುಕುಲದ ಉದ್ಧಾರಕ್ಕಾಗಿ ವಚನಗಳನ್ನು ರಚಿಸಿದರು. ಈ ವಚನಗಳು ಜನಸಾಮಾನ್ಯರ ಭಾಷೆಯಲ್ಲಿದ್ದು ಎಲ್ಲರಿಗೂ ಅರ್ಥವಾಗುವಂತಿವೆ. ಜಾತಿ, ಮತ, ಪಂಥ ಭೇದವಿಲ್ಲದೆ ಎಲ್ಲರನ್ನೂ ಸಮಾನವಾಗಿ ಕಾಣುವ ಮನೋಭಾವವನ್ನು ಬೆಳೆಸಿಕೊಳ್ಳಬೇಕು ಎಂದು ಮುಖಂಡರು ತಿಳಿಸಿದರು. ಸಮುದಾಯದ ಅಭಿವೃದ್ಧಿಗೆ ಸರ್ಕಾರದ ಸೌಲಭ್ಯಗಳನ್ನು ಸದ್ಬಳಕೆ ಮಾಡಿಕೊಳ್ಳಬೇಕು.

6ನೇ ತರಗತಿ ಪ್ರವೇಶಕ್ಕಾಗಿ
ಅರ್ಜಿಗಳ ಆಹ್ವಾನ

ಕೋಲಾರ: 2025-26ನೇ ಸಾಲಿನಲ್ಲಿ ಅಲ್ಪಸಂಖ್ಯಾತರ ಕಲ್ಯಾಣ ಇಲಾಖೆ ವತಿಯಿಂದ ಕೋಲಾರ ಜಿಲ್ಲೆಯ ಅಲ್ಪಸಂಖ್ಯಾತರ ಮೊರಾರ್ಜಿ ದೇಸಾಯಿ ವಸತಿ ಶಾಲೆಗಳು ಹಾಗೂ ಮೌಲಾನಾ ಆಜಾದ್ ಮಾದರಿ ಶಾಲೆಗಳಲ್ಲಿ 6ನೇ ತರಗತಿ ಪ್ರವೇಶಕ್ಕಾಗಿ ಅರ್ಹ ವಿದ್ಯಾರ್ಥಿಗಳಿಂದ ಅರ್ಜಿಗಳನ್ನು ಆಹ್ವಾನಿಸಲಾಗಿದೆ. ವಿದ್ಯಾರ್ಥಿಗಳು ರಾಜ್ಯದ ನಿವಾಸಿಯಾಗಿದ್ದು ಪೋಷಕರ ವಾರ್ಷಿಕ ಆದಾಯ ರೂ.2.50 ಲಕ್ಷ ಮೀರಿರಬಾರದು. ಶಾಲೆಗಳಲ್ಲಿ ಶೇ.75 ರಷ್ಟು ಸೀಟುಗಳನ್ನು ಅಲ್ಪಸಂಖ್ಯಾತ ಸಮುದಾಯದ ವಿದ್ಯಾರ್ಥಿಗಳಿಗೆ ಹಾಗೂ ಶೇ.25 ರಷ್ಟು ಸೀಟುಗಳನ್ನು ಇತರೆ ವರ್ಗದವರಿಗೆ ಮೀಸಲಿರಿಸಲಾಗಿದೆ. ಪ್ರವೇಶ ಪರೀಕ್ಷೆಯ ಮೂಲಕ ಆಯ್ಕೆ ನಡೆಯಲಿದೆ.

ನಿಗದಿಪಡಿಸಲಾಗಿದೆ. ಆಸಕ್ತಿಯುಳ್ಳ ವಿದ್ಯಾರ್ಥಿಗಳು ಸೇವಾಸಿಂಧು ಪೋರ್ಟಲ್ ಲಿಂಕ್ sevasindhuservices.karnataka.gov.in ನಲ್ಲಿ ಆನ್‌ಲೈನ್ ಮೂಲಕ ಮಾರ್ಚ್ 10 ರೊಳಗೆ ಅರ್ಜಿ ಸಲ್ಲಿಸಬಹುದು. ಹೆಚ್ಚಿನ ಮಾಹಿತಿಗಾಗಿ ಜಿಲ್ಲಾ ಅಲ್ಪಸಂಖ್ಯಾತರ ಕಲ್ಯಾಣ ಅಧಿಕಾರಿಗಳ ಕಚೇರಿ, ಕೋಲಾರ ದೂರವಾಣಿ: 08152-295257, 9686799165, 9591205356 ಸಂಪರ್ಕಿಸಬಹುದು. ಮೊರಾರ್ಜಿ ದೇಸಾಯಿ ವಸತಿ ಶಾಲೆ ಮುಳಬಾಗಿಲು: 9900393001/7892859599 ಹಾಗೂ ಇತರೆ ತಾಲೂಕುಗಳ ಶಾಲೆಗಳನ್ನು ಸಂಪರ್ಕಿಸಬಹುದು ಎಂದು ಪ್ರಕಟಣೆಯಲ್ಲಿ ತಿಳಿಸಿದ್ದಾರೆ.

ಸೇವೆ ಮತ್ತು ತ್ಯಾಗದ ರಾಷ್ಟ್ರೀಯ ಮೌಲ್ಯಗಳನ್ನು ಬೆಳೆಸುವ ಮೂಲಕ ಪಠ್ಯೇತರ ಪ್ರತಿಭೆಯನ್ನು ಬೆಳೆಸುವುದು ಅವಶ್ಯಕ. ಅರ್ಹರಾಗುವ ಮನೋಗುಣವನ್ನು ಬೆಳೆಸುವ ಚಿಗುರು ಕಾರ್ಯಕ್ರಮ ವಿಶೇಷವಾಗಿದೆ. ಚಾಮರಾಜನಗರದ 30 ಸರ್ಕಾರಿ ಶಾಲೆಗಳ ಸಾವಿರಕ್ಕೂ ಹೆಚ್ಚು ಮಕ್ಕಳು ಭಾಗವಹಿಸಿ, ಸುಮಾರು 21 ಸ್ಪರ್ಧೆಗಳ ಮೂಲಕ ಪ್ರತಿಭೆ ಅನಾವರಣ ಮಾಡಿದರು. ಯುವ ಜನರಲ್ಲಿ ಸೇವಾ ಮನೋಭಾವ, ನಾಯಕತ್ವ ಗುಣ ಹಾಗೂ ದೇಶ ಪ್ರೇಮ ಬೆಳೆಸುವ ಉದ್ದೇಶದಿಂದ ಸಂಸ್ಥೆ ನಿರಂತರವಾಗಿ ಕಾರ್ಯನಿರ್ವಹಿಸುತ್ತಿದೆ. ಕಲೆ, ಸಾಹಿತ್ಯ, ಸಂಸ್ಕೃತಿಯೊಂದಿಗೆ ಯುವಶಕ್ತಿಯ ಬಳಕೆ ಹೇಗೆ ಮಾಡಬೇಕೆಂಬ ಚಿಂತನೆಯನ್ನು ಇಂತಹ ಕಾರ್ಯಕ್ರಮಗಳು ನೀಡುತ್ತವೆ ಎಂದರು. ವೇದಿಕೆಯಲ್ಲಿ ಗಣ್ಯರು ಉಪಸ್ಥಿತರಿದ್ದರು.
